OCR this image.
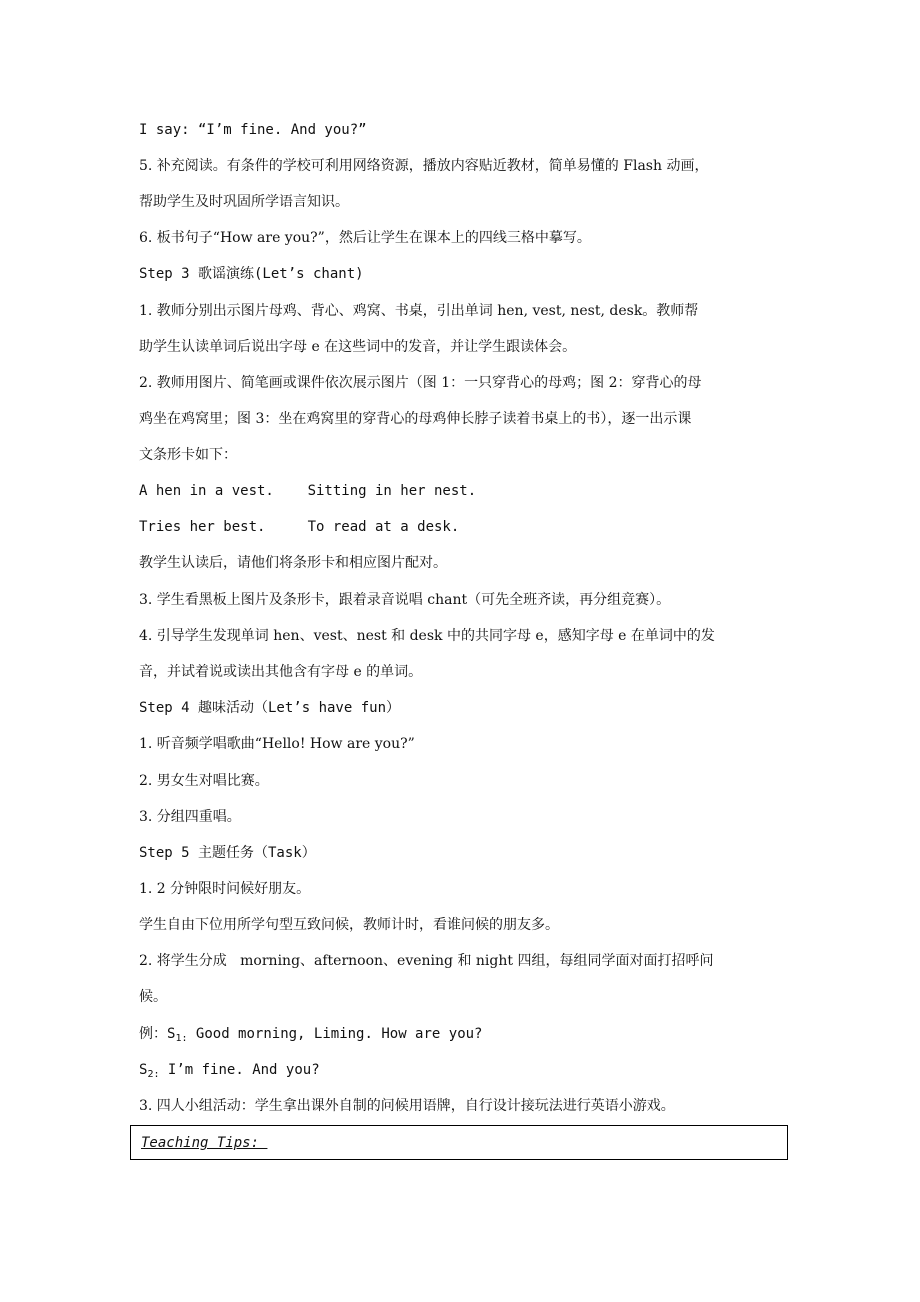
I say: “I’m fine. And you?”
5. 补充阅读。有条件的学校可利用网络资源，播放内容贴近教材，简单易懂的 Flash 动画，
帮助学生及时巩固所学语言知识。
6. 板书句子“How are you?”，然后让学生在课本上的四线三格中摹写。
Step 3 歌谣演练(Let’s chant)
1. 教师分别出示图片母鸡、背心、鸡窝、书桌，引出单词 hen, vest, nest, desk。教师帮
助学生认读单词后说出字母 e 在这些词中的发音，并让学生跟读体会。
2. 教师用图片、简笔画或课件依次展示图片（图 1：一只穿背心的母鸡；图 2：穿背心的母
鸡坐在鸡窝里；图 3：坐在鸡窝里的穿背心的母鸡伸长脖子读着书桌上的书），逐一出示课
文条形卡如下：
A hen in a vest.    Sitting in her nest.
Tries her best.     To read at a desk.
教学生认读后，请他们将条形卡和相应图片配对。
3. 学生看黑板上图片及条形卡，跟着录音说唱 chant（可先全班齐读，再分组竞赛）。
4. 引导学生发现单词 hen、vest、nest 和 desk 中的共同字母 e，感知字母 e 在单词中的发
音，并试着说或读出其他含有字母 e 的单词。
Step 4 趣味活动（Let’s have fun）
1. 听音频学唱歌曲“Hello! How are you?”
2. 男女生对唱比赛。
3. 分组四重唱。
Step 5 主题任务（Task）
1. 2 分钟限时问候好朋友。
学生自由下位用所学句型互致问候，教师计时，看谁问候的朋友多。
2. 将学生分成   morning、afternoon、evening 和 night 四组，每组同学面对面打招呼问
候。
例：$S_{1:}$ Good morning, Liming. How are you?
$S_{2:}$ I’m fine. And you?
3. 四人小组活动：学生拿出课外自制的问候用语牌，自行设计接玩法进行英语小游戏。
Teaching Tips:
